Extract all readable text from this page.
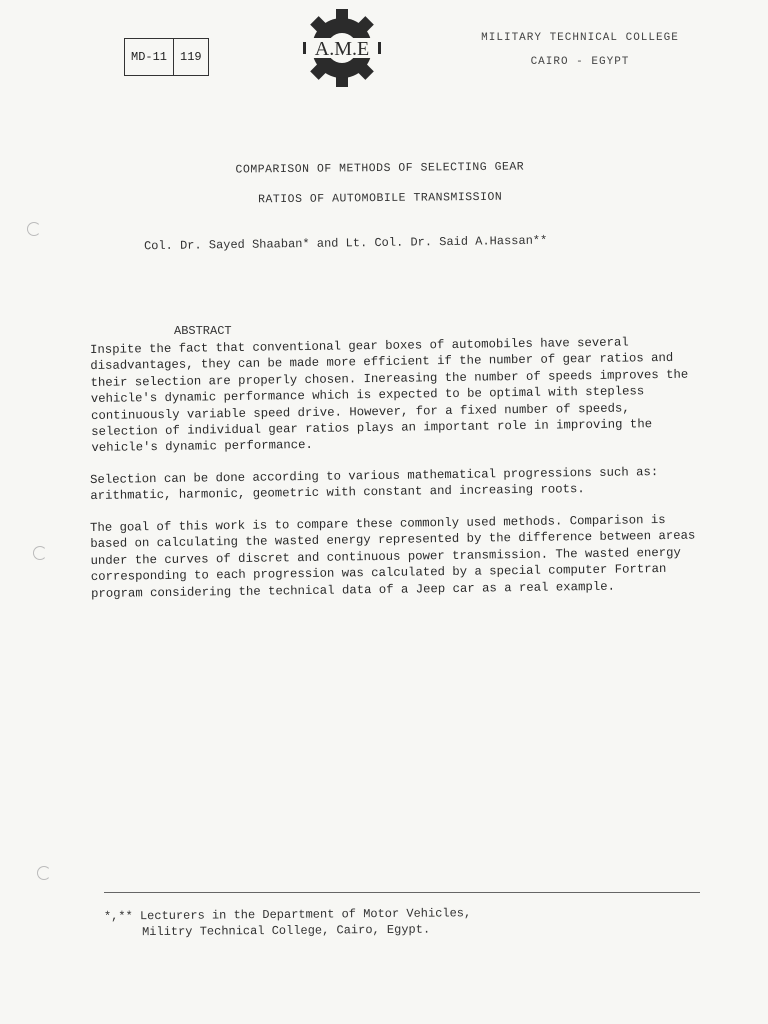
MD-11	119	A.M.E	MILITARY TECHNICAL COLLEGE
CAIRO - EGYPT
COMPARISON OF METHODS OF SELECTING GEAR
RATIOS OF AUTOMOBILE TRANSMISSION
Col. Dr. Sayed Shaaban* and Lt. Col. Dr. Said A.Hassan**
ABSTRACT
Inspite the fact that conventional gear boxes of automobiles have several disadvantages, they can be made more efficient if the number of gear ratios and their selection are properly chosen. Inereasing the number of speeds improves the vehicle's dynamic performance which is expected to be optimal with stepless continuously variable speed drive. However, for a fixed number of speeds, selection of individual gear ratios plays an important role in improving the vehicle's dynamic performance.
Selection can be done according to various mathematical progressions such as: arithmatic, harmonic, geometric with constant and increasing roots.
The goal of this work is to compare these commonly used methods. Comparison is based on calculating the wasted energy represented by the difference between areas under the curves of discret and continuous power transmission. The wasted energy corresponding to each progression was calculated by a special computer Fortran program considering the technical data of a Jeep car as a real example.
*,** Lecturers in the Department of Motor Vehicles,
Militry Technical College, Cairo, Egypt.
